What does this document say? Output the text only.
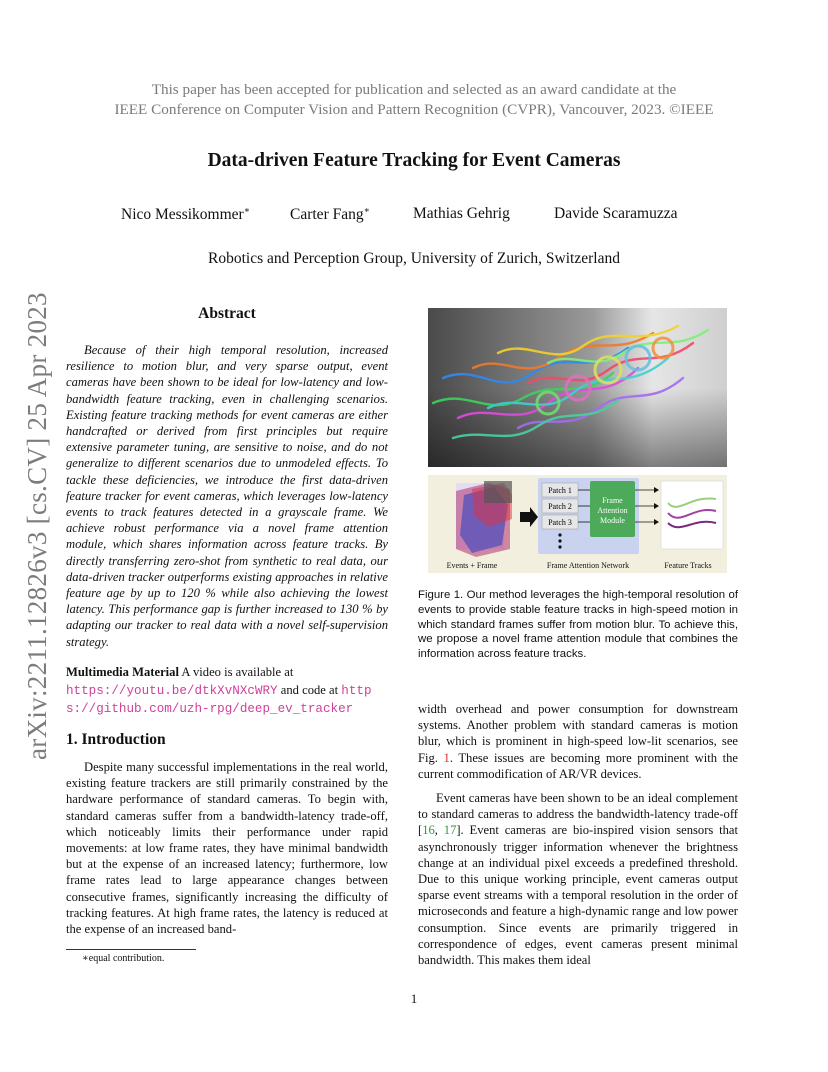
This paper has been accepted for publication and selected as an award candidate at the
IEEE Conference on Computer Vision and Pattern Recognition (CVPR), Vancouver, 2023. ©IEEE
Data-driven Feature Tracking for Event Cameras
Nico Messikommer∗	Carter Fang∗	Mathias Gehrig	Davide Scaramuzza
Robotics and Perception Group, University of Zurich, Switzerland
arXiv:2211.12826v3 [cs.CV] 25 Apr 2023	Abstract

Because of their high temporal resolution, increased resilience to motion blur, and very sparse output, event cameras have been shown to be ideal for low-latency and low-bandwidth feature tracking, even in challenging scenarios. Existing feature tracking methods for event cameras are either handcrafted or derived from first principles but require extensive parameter tuning, are sensitive to noise, and do not generalize to different scenarios due to unmodeled effects. To tackle these deficiencies, we introduce the first data-driven feature tracker for event cameras, which leverages low-latency events to track features detected in a grayscale frame. We achieve robust performance via a novel frame attention module, which shares information across feature tracks. By directly transferring zero-shot from synthetic to real data, our data-driven tracker outperforms existing approaches in relative feature age by up to 120 % while also achieving the lowest latency. This performance gap is further increased to 130 % by adapting our tracker to real data with a novel self-supervision strategy.

Multimedia Material A video is available at https://youtu.be/dtkXvNXcWRY and code at https://github.com/uzh-rpg/deep_ev_tracker
1. Introduction

Despite many successful implementations in the real world, existing feature trackers are still primarily constrained by the hardware performance of standard cameras. To begin with, standard cameras suffer from a bandwidth-latency trade-off, which noticeably limits their performance under rapid movements: at low frame rates, they have minimal bandwidth but at the expense of an increased latency; furthermore, low frame rates lead to large appearance changes between consecutive frames, significantly increasing the difficulty of tracking features. At high frame rates, the latency is reduced at the expense of an increased band-

∗equal contribution.
1
Patch 1
Patch 2
Patch 3
Frame
Attention
Module
Events + Frame	Frame Attention Network	Feature Tracks
Figure 1. Our method leverages the high-temporal resolution of events to provide stable feature tracks in high-speed motion in which standard frames suffer from motion blur. To achieve this, we propose a novel frame attention module that combines the information across feature tracks.

width overhead and power consumption for downstream systems. Another problem with standard cameras is motion blur, which is prominent in high-speed low-lit scenarios, see Fig. 1. These issues are becoming more prominent with the current commodification of AR/VR devices.

Event cameras have been shown to be an ideal complement to standard cameras to address the bandwidth-latency trade-off [16, 17]. Event cameras are bio-inspired vision sensors that asynchronously trigger information whenever the brightness change at an individual pixel exceeds a predefined threshold. Due to this unique working principle, event cameras output sparse event streams with a temporal resolution in the order of microseconds and feature a high-dynamic range and low power consumption. Since events are primarily triggered in correspondence of edges, event cameras present minimal bandwidth. This makes them ideal
